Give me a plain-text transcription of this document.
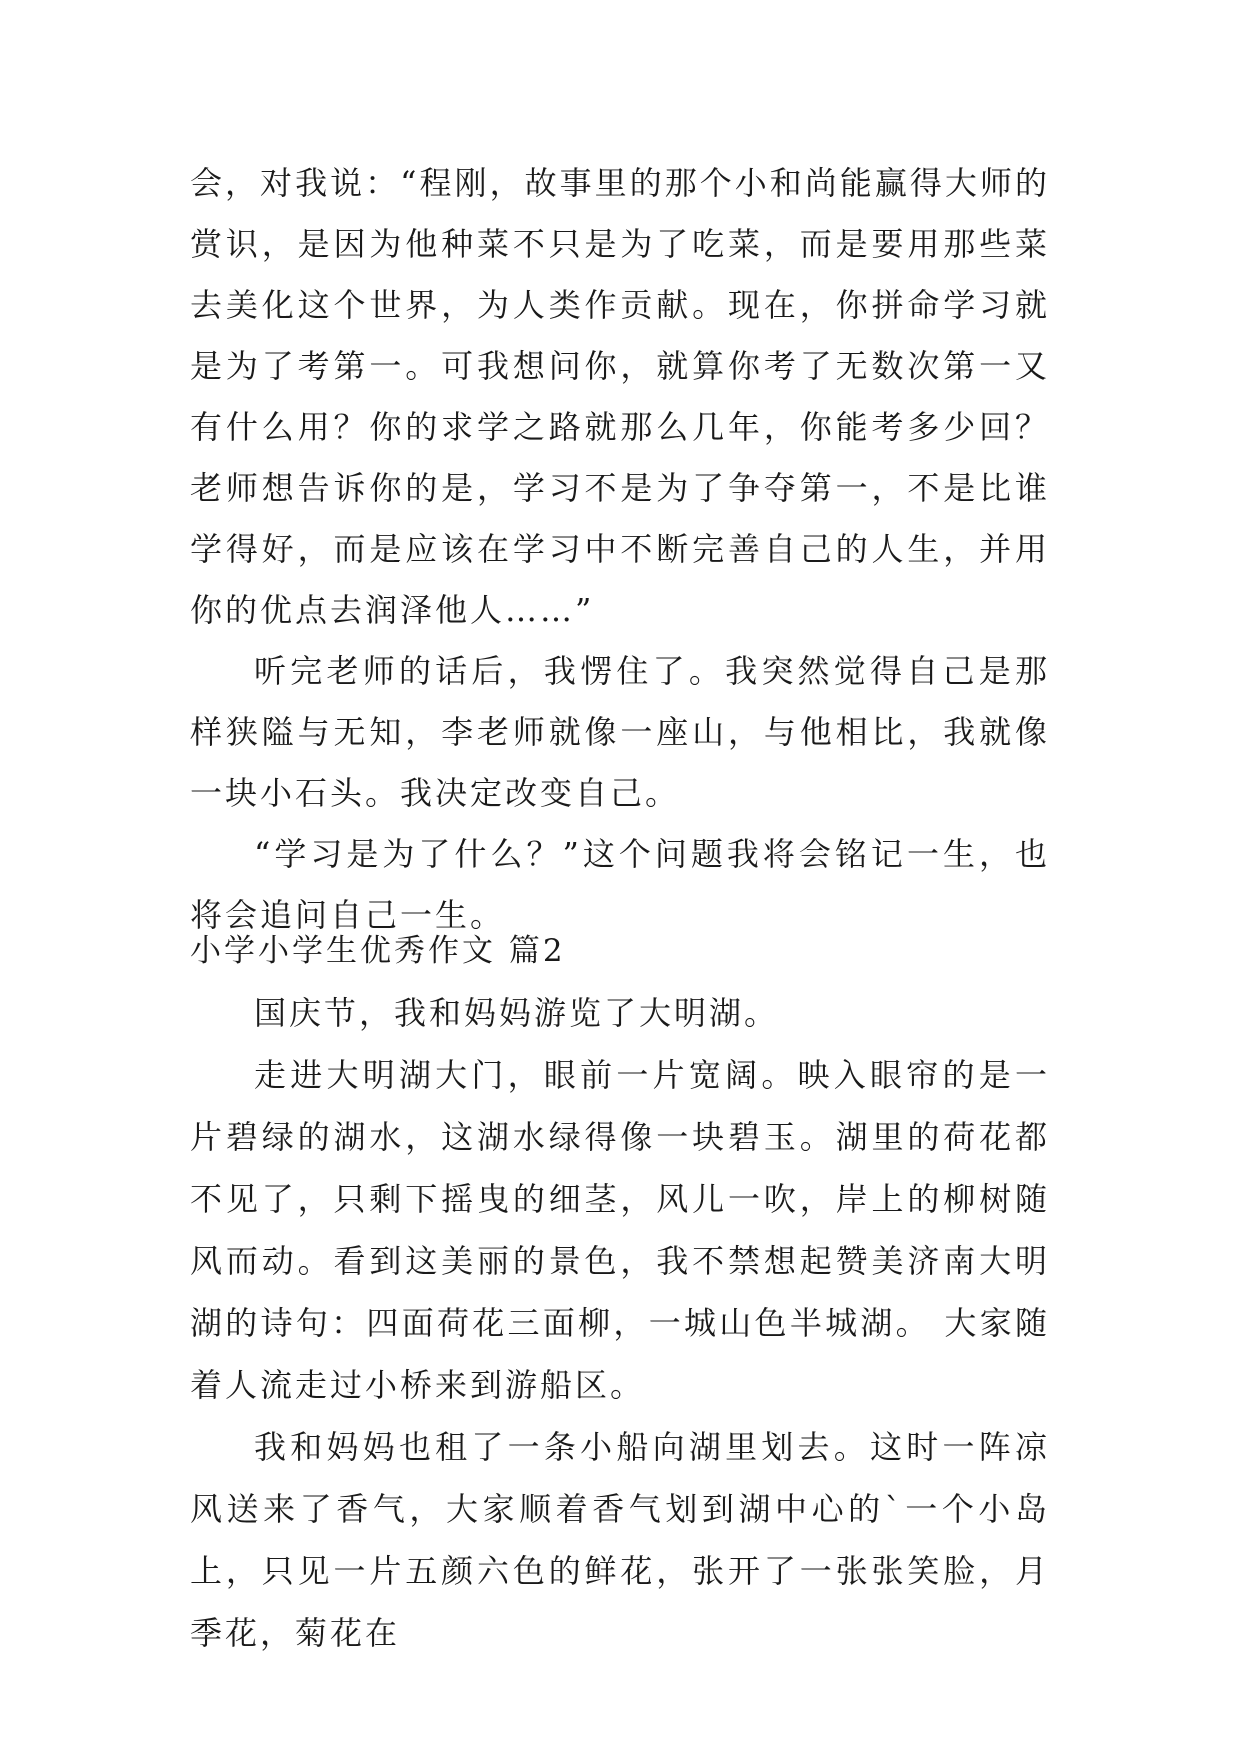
会，对我说：“程刚，故事里的那个小和尚能赢得大师的赏识，是因为他种菜不只是为了吃菜，而是要用那些菜去美化这个世界，为人类作贡献。现在，你拼命学习就是为了考第一。可我想问你，就算你考了无数次第一又有什么用？你的求学之路就那么几年，你能考多少回？老师想告诉你的是，学习不是为了争夺第一，不是比谁学得好，而是应该在学习中不断完善自己的人生，并用你的优点去润泽他人……”

听完老师的话后，我愣住了。我突然觉得自己是那样狭隘与无知，李老师就像一座山，与他相比，我就像一块小石头。我决定改变自己。

“学习是为了什么？”这个问题我将会铭记一生，也将会追问自己一生。

小学小学生优秀作文 篇2

国庆节，我和妈妈游览了大明湖。

走进大明湖大门，眼前一片宽阔。映入眼帘的是一片碧绿的湖水，这湖水绿得像一块碧玉。湖里的荷花都不见了，只剩下摇曳的细茎，风儿一吹，岸上的柳树随风而动。看到这美丽的景色，我不禁想起赞美济南大明湖的诗句：四面荷花三面柳，一城山色半城湖。 大家随着人流走过小桥来到游船区。

我和妈妈也租了一条小船向湖里划去。这时一阵凉风送来了香气，大家顺着香气划到湖中心的`一个小岛上，只见一片五颜六色的鲜花，张开了一张张笑脸，月季花，菊花在
